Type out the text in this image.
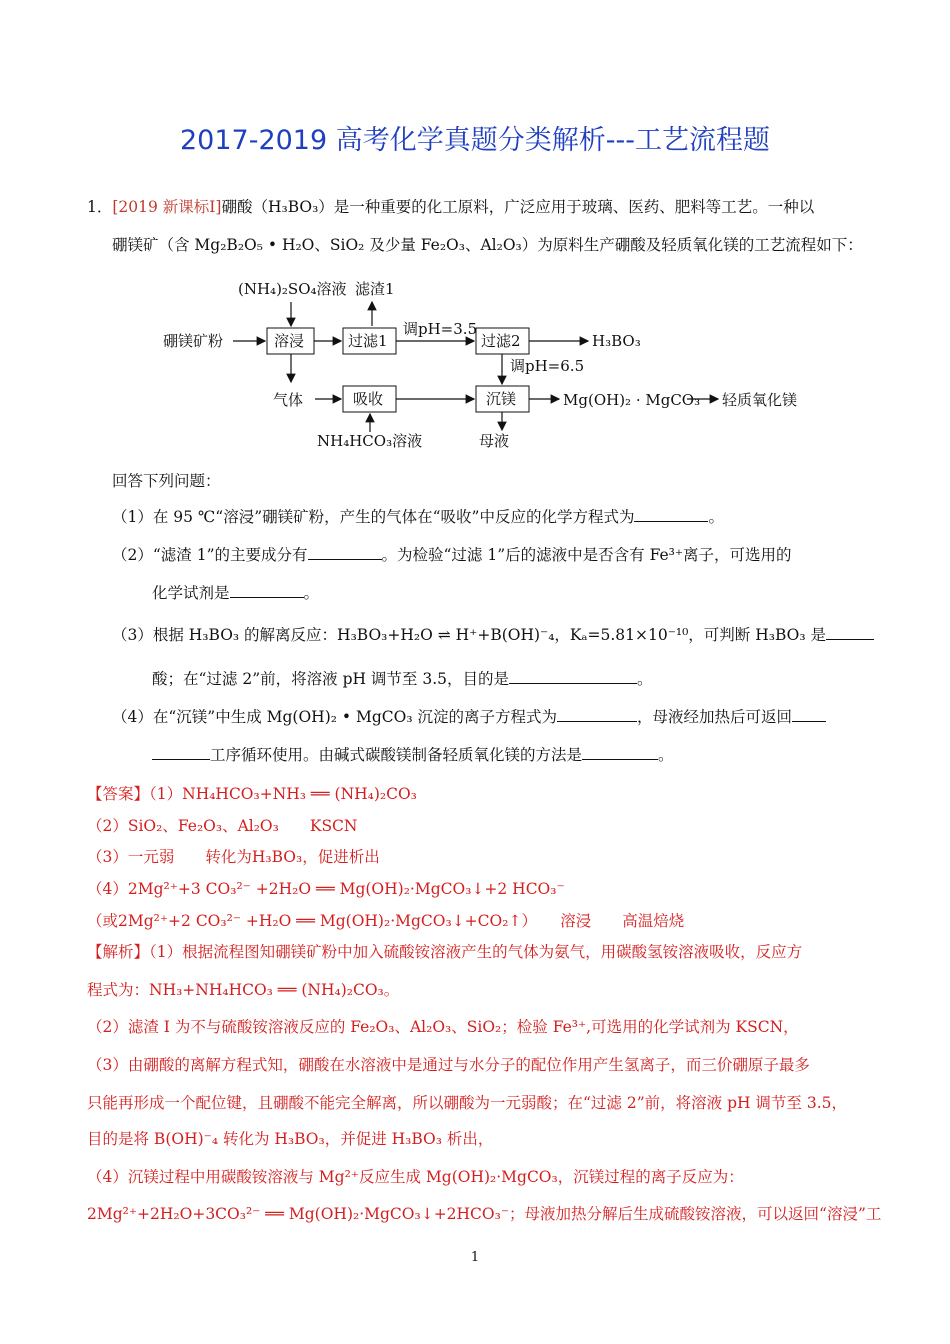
2017-2019 高考化学真题分类解析---工艺流程题
1．[2019 新课标Ⅰ]硼酸（H₃BO₃）是一种重要的化工原料，广泛应用于玻璃、医药、肥料等工艺。一种以
硼镁矿（含 Mg₂B₂O₅ • H₂O、SiO₂ 及少量 Fe₂O₃、Al₂O₃）为原料生产硼酸及轻质氧化镁的工艺流程如下：
(NH₄)₂SO₄溶液 滤渣1
硼镁矿粉
调pH=3.5
H₃BO₃
调pH=6.5
气体	Mg(OH)₂ · MgCO₃ 轻质氧化镁
NH₄HCO₃溶液	母液
溶浸	过滤1	过滤2
吸收	沉镁
回答下列问题：
（1）在 95 ℃“溶浸”硼镁矿粉，产生的气体在“吸收”中反应的化学方程式为	。
（2）“滤渣 1”的主要成分有	。为检验“过滤 1”后的滤液中是否含有 Fe³⁺离子，可选用的
化学试剂是	。
（3）根据 H₃BO₃ 的解离反应：H₃BO₃+H₂O ⇌ H⁺+B(OH)⁻₄，Kₐ=5.81×10⁻¹⁰，可判断 H₃BO₃ 是
酸；在“过滤 2”前，将溶液 pH 调节至 3.5，目的是	。
（4）在“沉镁”中生成 Mg(OH)₂ • MgCO₃ 沉淀的离子方程式为	，母液经加热后可返回
工序循环使用。由碱式碳酸镁制备轻质氧化镁的方法是	。
【答案】（1）NH₄HCO₃+NH₃ ══ (NH₄)₂CO₃
（2）SiO₂、Fe₂O₃、Al₂O₃　　KSCN
（3）一元弱　　转化为H₃BO₃，促进析出
（4）2Mg²⁺+3 CO₃²⁻ +2H₂O ══ Mg(OH)₂·MgCO₃↓+2 HCO₃⁻
（或2Mg²⁺+2 CO₃²⁻ +H₂O ══ Mg(OH)₂·MgCO₃↓+CO₂↑）　　溶浸　　高温焙烧
【解析】（1）根据流程图知硼镁矿粉中加入硫酸铵溶液产生的气体为氨气，用碳酸氢铵溶液吸收，反应方
程式为：NH₃+NH₄HCO₃ ══ (NH₄)₂CO₃。
（2）滤渣 I 为不与硫酸铵溶液反应的 Fe₂O₃、Al₂O₃、SiO₂；检验 Fe³⁺,可选用的化学试剂为 KSCN，
（3）由硼酸的离解方程式知，硼酸在水溶液中是通过与水分子的配位作用产生氢离子，而三价硼原子最多
只能再形成一个配位键，且硼酸不能完全解离，所以硼酸为一元弱酸；在“过滤 2”前，将溶液 pH 调节至 3.5，
目的是将 B(OH)⁻₄ 转化为 H₃BO₃，并促进 H₃BO₃ 析出，
（4）沉镁过程中用碳酸铵溶液与 Mg²⁺反应生成 Mg(OH)₂·MgCO₃，沉镁过程的离子反应为：
2Mg²⁺+2H₂O+3CO₃²⁻ ══ Mg(OH)₂·MgCO₃↓+2HCO₃⁻；母液加热分解后生成硫酸铵溶液，可以返回“溶浸”工
1
